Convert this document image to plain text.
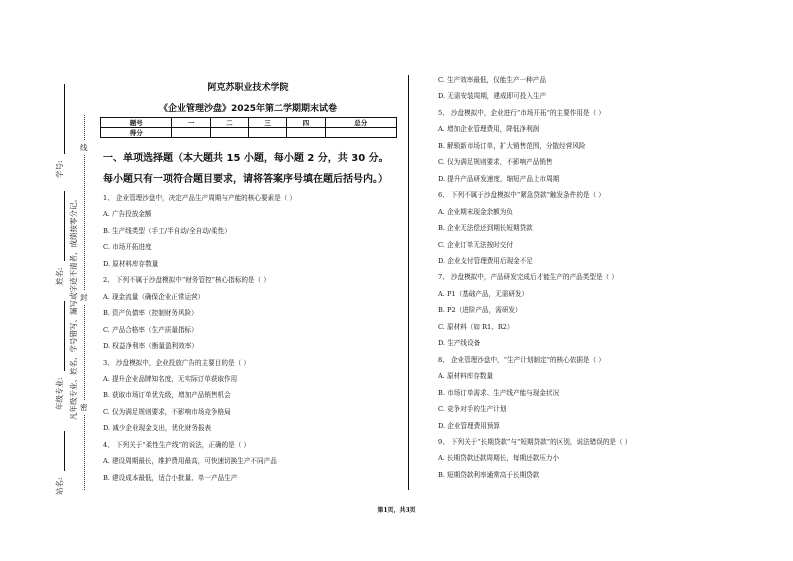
学号:
姓名:
年级专业:
站名:
凡年级专业、姓名、学号错写、漏写或字迹不清者，成绩按零分记。 密
封
线
阿克苏职业技术学院
《企业管理沙盘》2025年第二学期期末试卷
题号	一	二	三	四	总分
得分					
一、单项选择题（本大题共 15 小题，每小题 2 分，共 30 分。每小题只有一项符合题目要求，请将答案序号填在题后括号内。）
1、 企业管理沙盘中，决定产品生产周期与产能的核心要素是（ ）
A. 广告投放金额
B. 生产线类型（手工/半自动/全自动/柔性）
C. 市场开拓进度
D. 原材料库存数量
2、 下列不属于沙盘模拟中“财务管控”核心指标的是（ ）
A. 现金流量（确保企业正常运营）
B. 资产负债率（控制财务风险）
C. 产品合格率（生产质量指标）
D. 权益净利率（衡量盈利效率）
3、 沙盘模拟中，企业投放广告的主要目的是（ ）
A. 提升企业品牌知名度，无实际订单获取作用
B. 获取市场订单优先级，增加产品销售机会
C. 仅为满足规则要求，不影响市场竞争格局
D. 减少企业现金支出，优化财务报表
4、 下列关于“柔性生产线”的说法，正确的是（ ）
A. 建设周期最长，维护费用最高，可快速切换生产不同产品
B. 建设成本最低，适合小批量、单一产品生产
C. 生产效率最低，仅能生产一种产品
D. 无需安装周期，建成即可投入生产
5、 沙盘模拟中，企业进行“市场开拓”的主要作用是（ ）
A. 增加企业管理费用，降低净利润
B. 解锁新市场订单，扩大销售范围，分散经营风险
C. 仅为满足规则要求，不影响产品销售
D. 提升产品研发速度，缩短产品上市周期
6、 下列不属于沙盘模拟中“紧急贷款”触发条件的是（ ）
A. 企业期末现金余额为负
B. 企业无法偿还到期长短期贷款
C. 企业订单无法按时交付
D. 企业支付管理费用后现金不足
7、 沙盘模拟中，产品研发完成后才能生产的产品类型是（ ）
A. P1（基础产品，无需研发）
B. P2（进阶产品，需研发）
C. 原材料（如 R1、R2）
D. 生产线设备
8、 企业管理沙盘中，“生产计划制定”的核心依据是（ ）
A. 原材料库存数量
B. 市场订单需求、生产线产能与现金状况
C. 竞争对手的生产计划
D. 企业管理费用预算
9、 下列关于“长期贷款”与“短期贷款”的区别，说法错误的是（ ）
A. 长期贷款还款周期长，每期还款压力小
B. 短期贷款利率通常高于长期贷款
第1页，共3页
